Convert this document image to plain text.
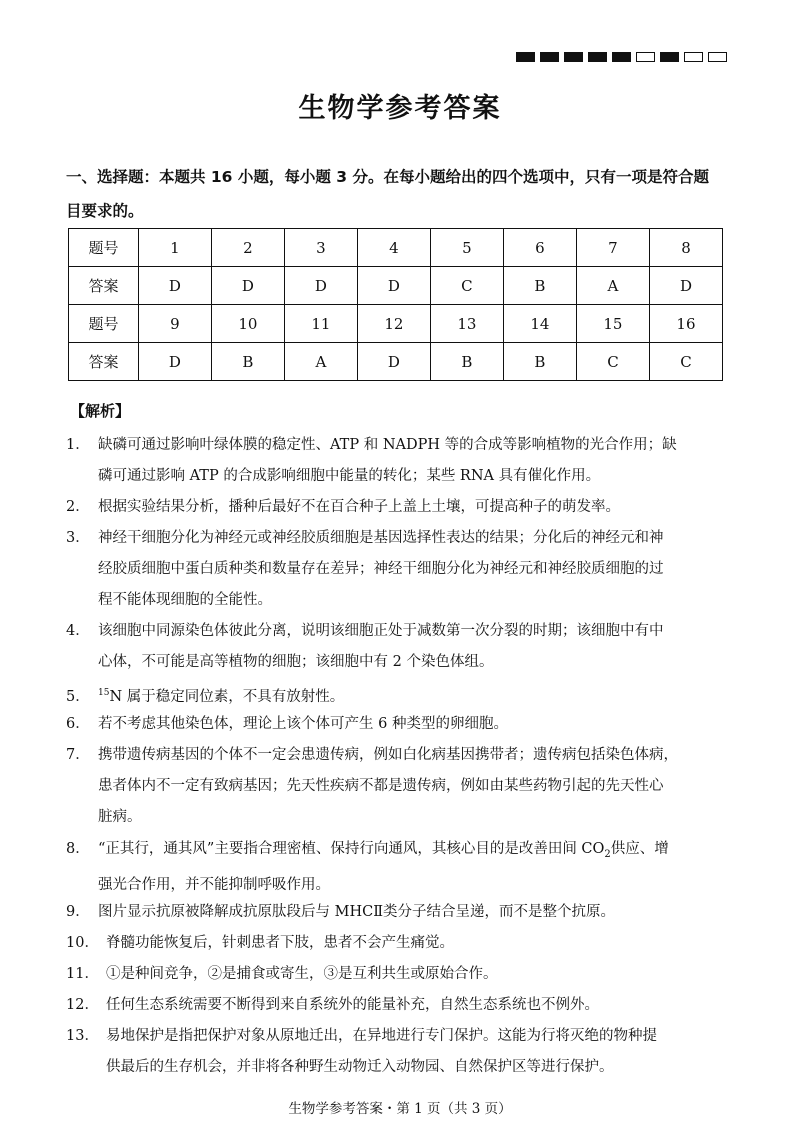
生物学参考答案

一、选择题：本题共 16 小题，每小题 3 分。在每小题给出的四个选项中，只有一项是符合题
目要求的。

题号	1	2	3	4	5	6	7	8
答案	D	D	D	D	C	B	A	D
题号	9	10	11	12	13	14	15	16
答案	D	B	A	D	B	B	C	C

【解析】

1． 缺磷可通过影响叶绿体膜的稳定性、ATP 和 NADPH 等的合成等影响植物的光合作用；缺
磷可通过影响 ATP 的合成影响细胞中能量的转化；某些 RNA 具有催化作用。
2． 根据实验结果分析，播种后最好不在百合种子上盖上土壤，可提高种子的萌发率。
3． 神经干细胞分化为神经元或神经胶质细胞是基因选择性表达的结果；分化后的神经元和神
经胶质细胞中蛋白质种类和数量存在差异；神经干细胞分化为神经元和神经胶质细胞的过
程不能体现细胞的全能性。
4． 该细胞中同源染色体彼此分离，说明该细胞正处于减数第一次分裂的时期；该细胞中有中
心体，不可能是高等植物的细胞；该细胞中有 2 个染色体组。
5． $^{15}$N 属于稳定同位素，不具有放射性。
6． 若不考虑其他染色体，理论上该个体可产生 6 种类型的卵细胞。
7． 携带遗传病基因的个体不一定会患遗传病，例如白化病基因携带者；遗传病包括染色体病，
患者体内不一定有致病基因；先天性疾病不都是遗传病，例如由某些药物引起的先天性心
脏病。
8． “正其行，通其风”主要指合理密植、保持行向通风，其核心目的是改善田间 $CO_2$供应、增
强光合作用，并不能抑制呼吸作用。
9． 图片显示抗原被降解成抗原肽段后与 MHCⅡ类分子结合呈递，而不是整个抗原。
10． 脊髓功能恢复后，针刺患者下肢，患者不会产生痛觉。
11． ①是种间竞争，②是捕食或寄生，③是互利共生或原始合作。
12． 任何生态系统需要不断得到来自系统外的能量补充，自然生态系统也不例外。
13． 易地保护是指把保护对象从原地迁出，在异地进行专门保护。这能为行将灭绝的物种提
供最后的生存机会，并非将各种野生动物迁入动物园、自然保护区等进行保护。
生物学参考答案・第 1 页（共 3 页）
